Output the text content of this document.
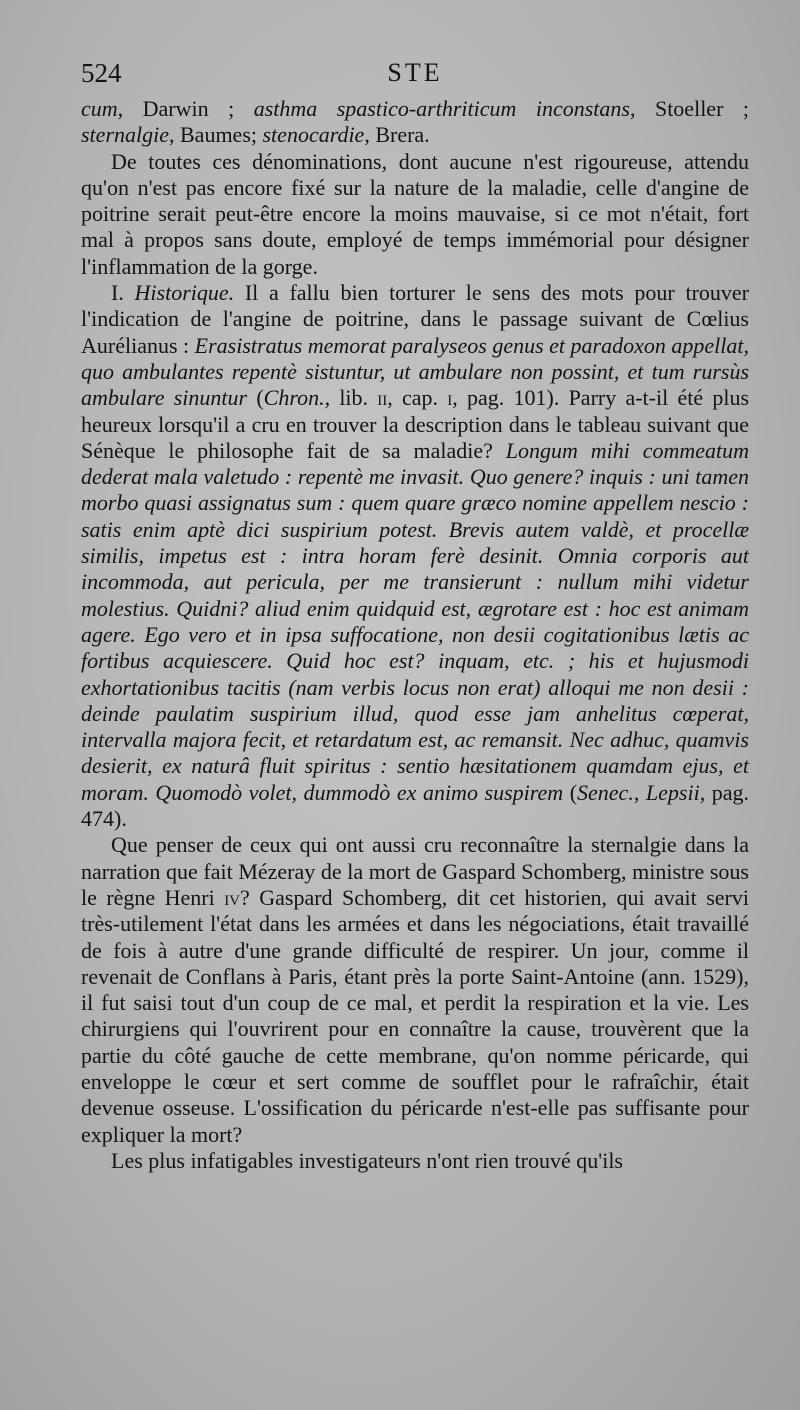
524	STE

cum, Darwin ; asthma spastico-arthriticum inconstans, Stoeller ; sternalgie, Baumes; stenocardie, Brera.

De toutes ces dénominations, dont aucune n'est rigoureuse, attendu qu'on n'est pas encore fixé sur la nature de la maladie, celle d'angine de poitrine serait peut-être encore la moins mauvaise, si ce mot n'était, fort mal à propos sans doute, employé de temps immémorial pour désigner l'inflammation de la gorge.

I. Historique. Il a fallu bien torturer le sens des mots pour trouver l'indication de l'angine de poitrine, dans le passage suivant de Cœlius Aurélianus : Erasistratus memorat paralyseos genus et paradoxon appellat, quo ambulantes repentè sistuntur, ut ambulare non possint, et tum rursùs ambulare sinuntur (Chron., lib. ii, cap. i, pag. 101). Parry a-t-il été plus heureux lorsqu'il a cru en trouver la description dans le tableau suivant que Sénèque le philosophe fait de sa maladie? Longum mihi commeatum dederat mala valetudo : repentè me invasit. Quo genere? inquis : uni tamen morbo quasi assignatus sum : quem quare græco nomine appellem nescio : satis enim aptè dici suspirium potest. Brevis autem valdè, et procellæ similis, impetus est : intra horam ferè desinit. Omnia corporis aut incommoda, aut pericula, per me transierunt : nullum mihi videtur molestius. Quidni? aliud enim quidquid est, ægrotare est : hoc est animam agere. Ego vero et in ipsa suffocatione, non desii cogitationibus lætis ac fortibus acquiescere. Quid hoc est? inquam, etc. ; his et hujusmodi exhortationibus tacitis (nam verbis locus non erat) alloqui me non desii : deinde paulatim suspirium illud, quod esse jam anhelitus cœperat, intervalla majora fecit, et retardatum est, ac remansit. Nec adhuc, quamvis desierit, ex naturâ fluit spiritus : sentio hæsitationem quamdam ejus, et moram. Quomodò volet, dummodò ex animo suspirem (Senec., Lepsii, pag. 474).

Que penser de ceux qui ont aussi cru reconnaître la sternalgie dans la narration que fait Mézeray de la mort de Gaspard Schomberg, ministre sous le règne Henri iv? Gaspard Schomberg, dit cet historien, qui avait servi très-utilement l'état dans les armées et dans les négociations, était travaillé de fois à autre d'une grande difficulté de respirer. Un jour, comme il revenait de Conflans à Paris, étant près la porte Saint-Antoine (ann. 1529), il fut saisi tout d'un coup de ce mal, et perdit la respiration et la vie. Les chirurgiens qui l'ouvrirent pour en connaître la cause, trouvèrent que la partie du côté gauche de cette membrane, qu'on nomme péricarde, qui enveloppe le cœur et sert comme de soufflet pour le rafraîchir, était devenue osseuse. L'ossification du péricarde n'est-elle pas suffisante pour expliquer la mort?

Les plus infatigables investigateurs n'ont rien trouvé qu'ils
